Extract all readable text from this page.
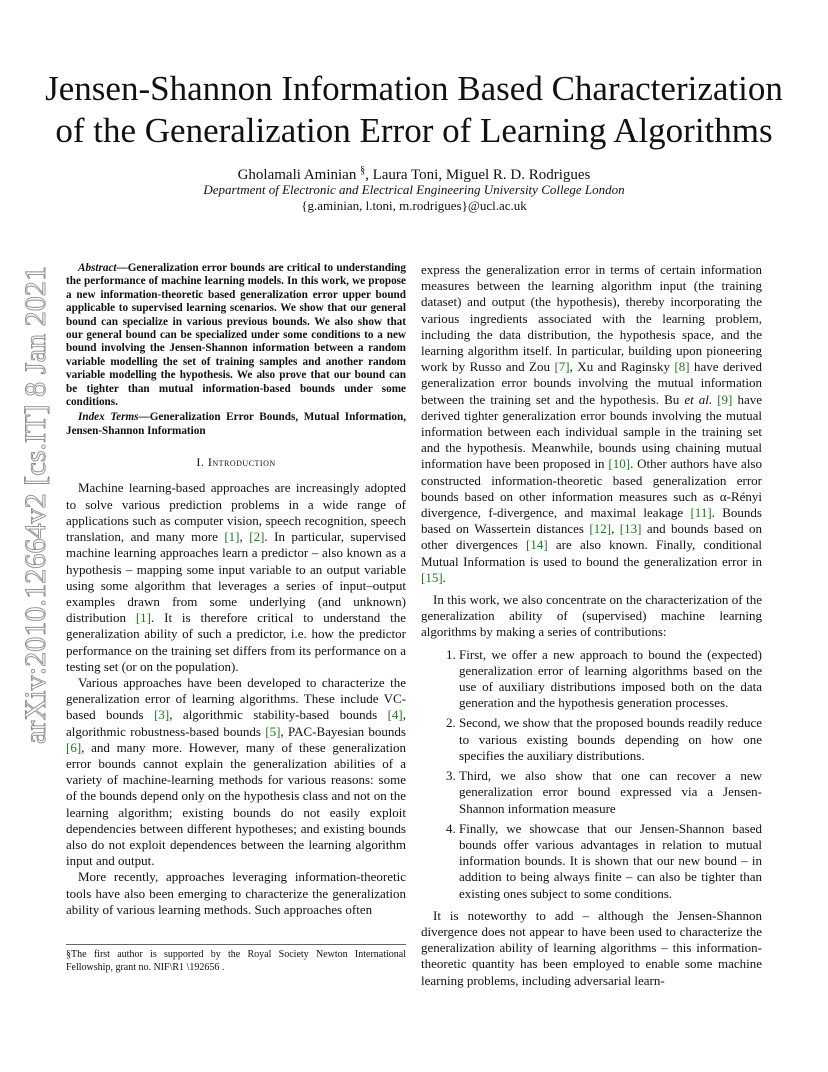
arXiv:2010.12664v2 [cs.IT] 8 Jan 2021
Jensen-Shannon Information Based Characterization
of the Generalization Error of Learning Algorithms
Gholamali Aminian §, Laura Toni, Miguel R. D. Rodrigues
Department of Electronic and Electrical Engineering University College London
{g.aminian, l.toni, m.rodrigues}@ucl.ac.uk

Abstract—Generalization error bounds are critical to understanding the performance of machine learning models. In this work, we propose a new information-theoretic based generalization error upper bound applicable to supervised learning scenarios. We show that our general bound can specialize in various previous bounds. We also show that our general bound can be specialized under some conditions to a new bound involving the Jensen-Shannon information between a random variable modelling the set of training samples and another random variable modelling the hypothesis. We also prove that our bound can be tighter than mutual information-based bounds under some conditions.

Index Terms—Generalization Error Bounds, Mutual Information, Jensen-Shannon Information

I. Introduction

Machine learning-based approaches are increasingly adopted to solve various prediction problems in a wide range of applications such as computer vision, speech recognition, speech translation, and many more [1], [2]. In particular, supervised machine learning approaches learn a predictor – also known as a hypothesis – mapping some input variable to an output variable using some algorithm that leverages a series of input–output examples drawn from some underlying (and unknown) distribution [1]. It is therefore critical to understand the generalization ability of such a predictor, i.e. how the predictor performance on the training set differs from its performance on a testing set (or on the population).

Various approaches have been developed to characterize the generalization error of learning algorithms. These include VC-based bounds [3], algorithmic stability-based bounds [4], algorithmic robustness-based bounds [5], PAC-Bayesian bounds [6], and many more. However, many of these generalization error bounds cannot explain the generalization abilities of a variety of machine-learning methods for various reasons: some of the bounds depend only on the hypothesis class and not on the learning algorithm; existing bounds do not easily exploit dependencies between different hypotheses; and existing bounds also do not exploit dependences between the learning algorithm input and output.

More recently, approaches leveraging information-theoretic tools have also been emerging to characterize the generalization ability of various learning methods. Such approaches often

§The first author is supported by the Royal Society Newton International Fellowship, grant no. NIF\R1 \192656 .

express the generalization error in terms of certain information measures between the learning algorithm input (the training dataset) and output (the hypothesis), thereby incorporating the various ingredients associated with the learning problem, including the data distribution, the hypothesis space, and the learning algorithm itself. In particular, building upon pioneering work by Russo and Zou [7], Xu and Raginsky [8] have derived generalization error bounds involving the mutual information between the training set and the hypothesis. Bu et al. [9] have derived tighter generalization error bounds involving the mutual information between each individual sample in the training set and the hypothesis. Meanwhile, bounds using chaining mutual information have been proposed in [10]. Other authors have also constructed information-theoretic based generalization error bounds based on other information measures such as α-Rényi divergence, f-divergence, and maximal leakage [11]. Bounds based on Wassertein distances [12], [13] and bounds based on other divergences [14] are also known. Finally, conditional Mutual Information is used to bound the generalization error in [15].

In this work, we also concentrate on the characterization of the generalization ability of (supervised) machine learning algorithms by making a series of contributions:

1. First, we offer a new approach to bound the (expected) generalization error of learning algorithms based on the use of auxiliary distributions imposed both on the data generation and the hypothesis generation processes.
2. Second, we show that the proposed bounds readily reduce to various existing bounds depending on how one specifies the auxiliary distributions.
3. Third, we also show that one can recover a new generalization error bound expressed via a Jensen-Shannon information measure
4. Finally, we showcase that our Jensen-Shannon based bounds offer various advantages in relation to mutual information bounds. It is shown that our new bound – in addition to being always finite – can also be tighter than existing ones subject to some conditions.

It is noteworthy to add – although the Jensen-Shannon divergence does not appear to have been used to characterize the generalization ability of learning algorithms – this information-theoretic quantity has been employed to enable some machine learning problems, including adversarial learn-
